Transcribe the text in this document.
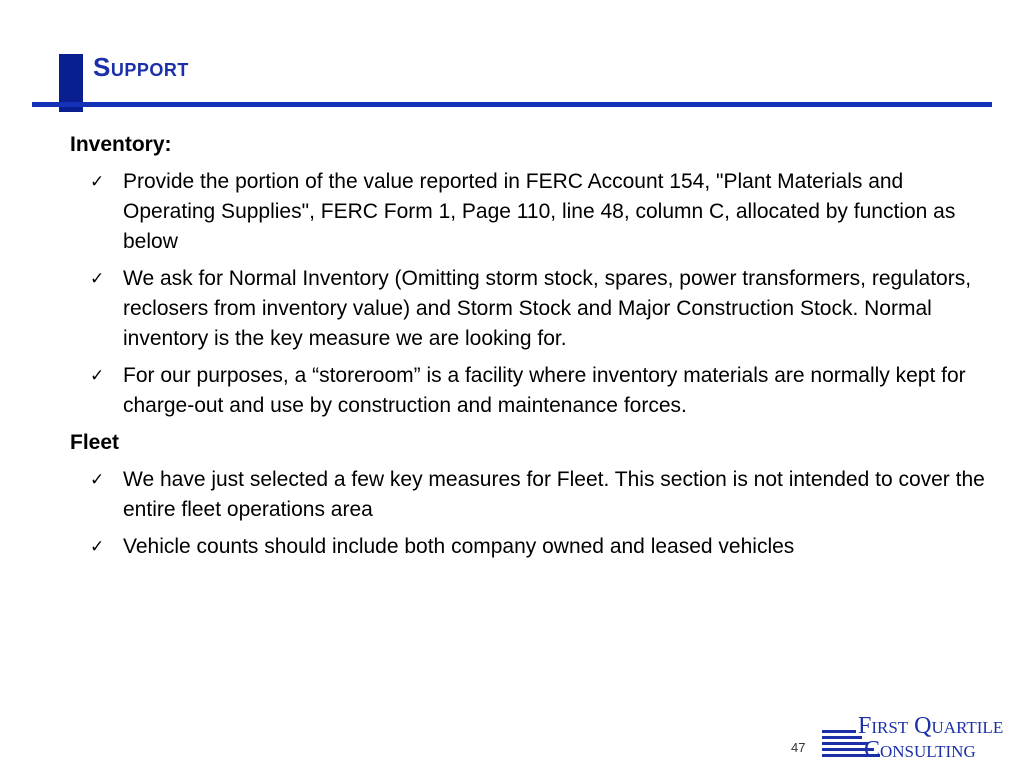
Support
Inventory:
✓ Provide the portion of the value reported in FERC Account 154, "Plant Materials and Operating Supplies", FERC Form 1, Page 110, line 48, column C, allocated by function as below
✓ We ask for Normal Inventory (Omitting storm stock, spares, power transformers, regulators, reclosers from inventory value) and Storm Stock and Major Construction Stock. Normal inventory is the key measure we are looking for.
✓ For our purposes, a “storeroom” is a facility where inventory materials are normally kept for charge-out and use by construction and maintenance forces.
Fleet
✓ We have just selected a few key measures for Fleet. This section is not intended to cover the entire fleet operations area
✓ Vehicle counts should include both company owned and leased vehicles
47
First Quartile
Consulting
